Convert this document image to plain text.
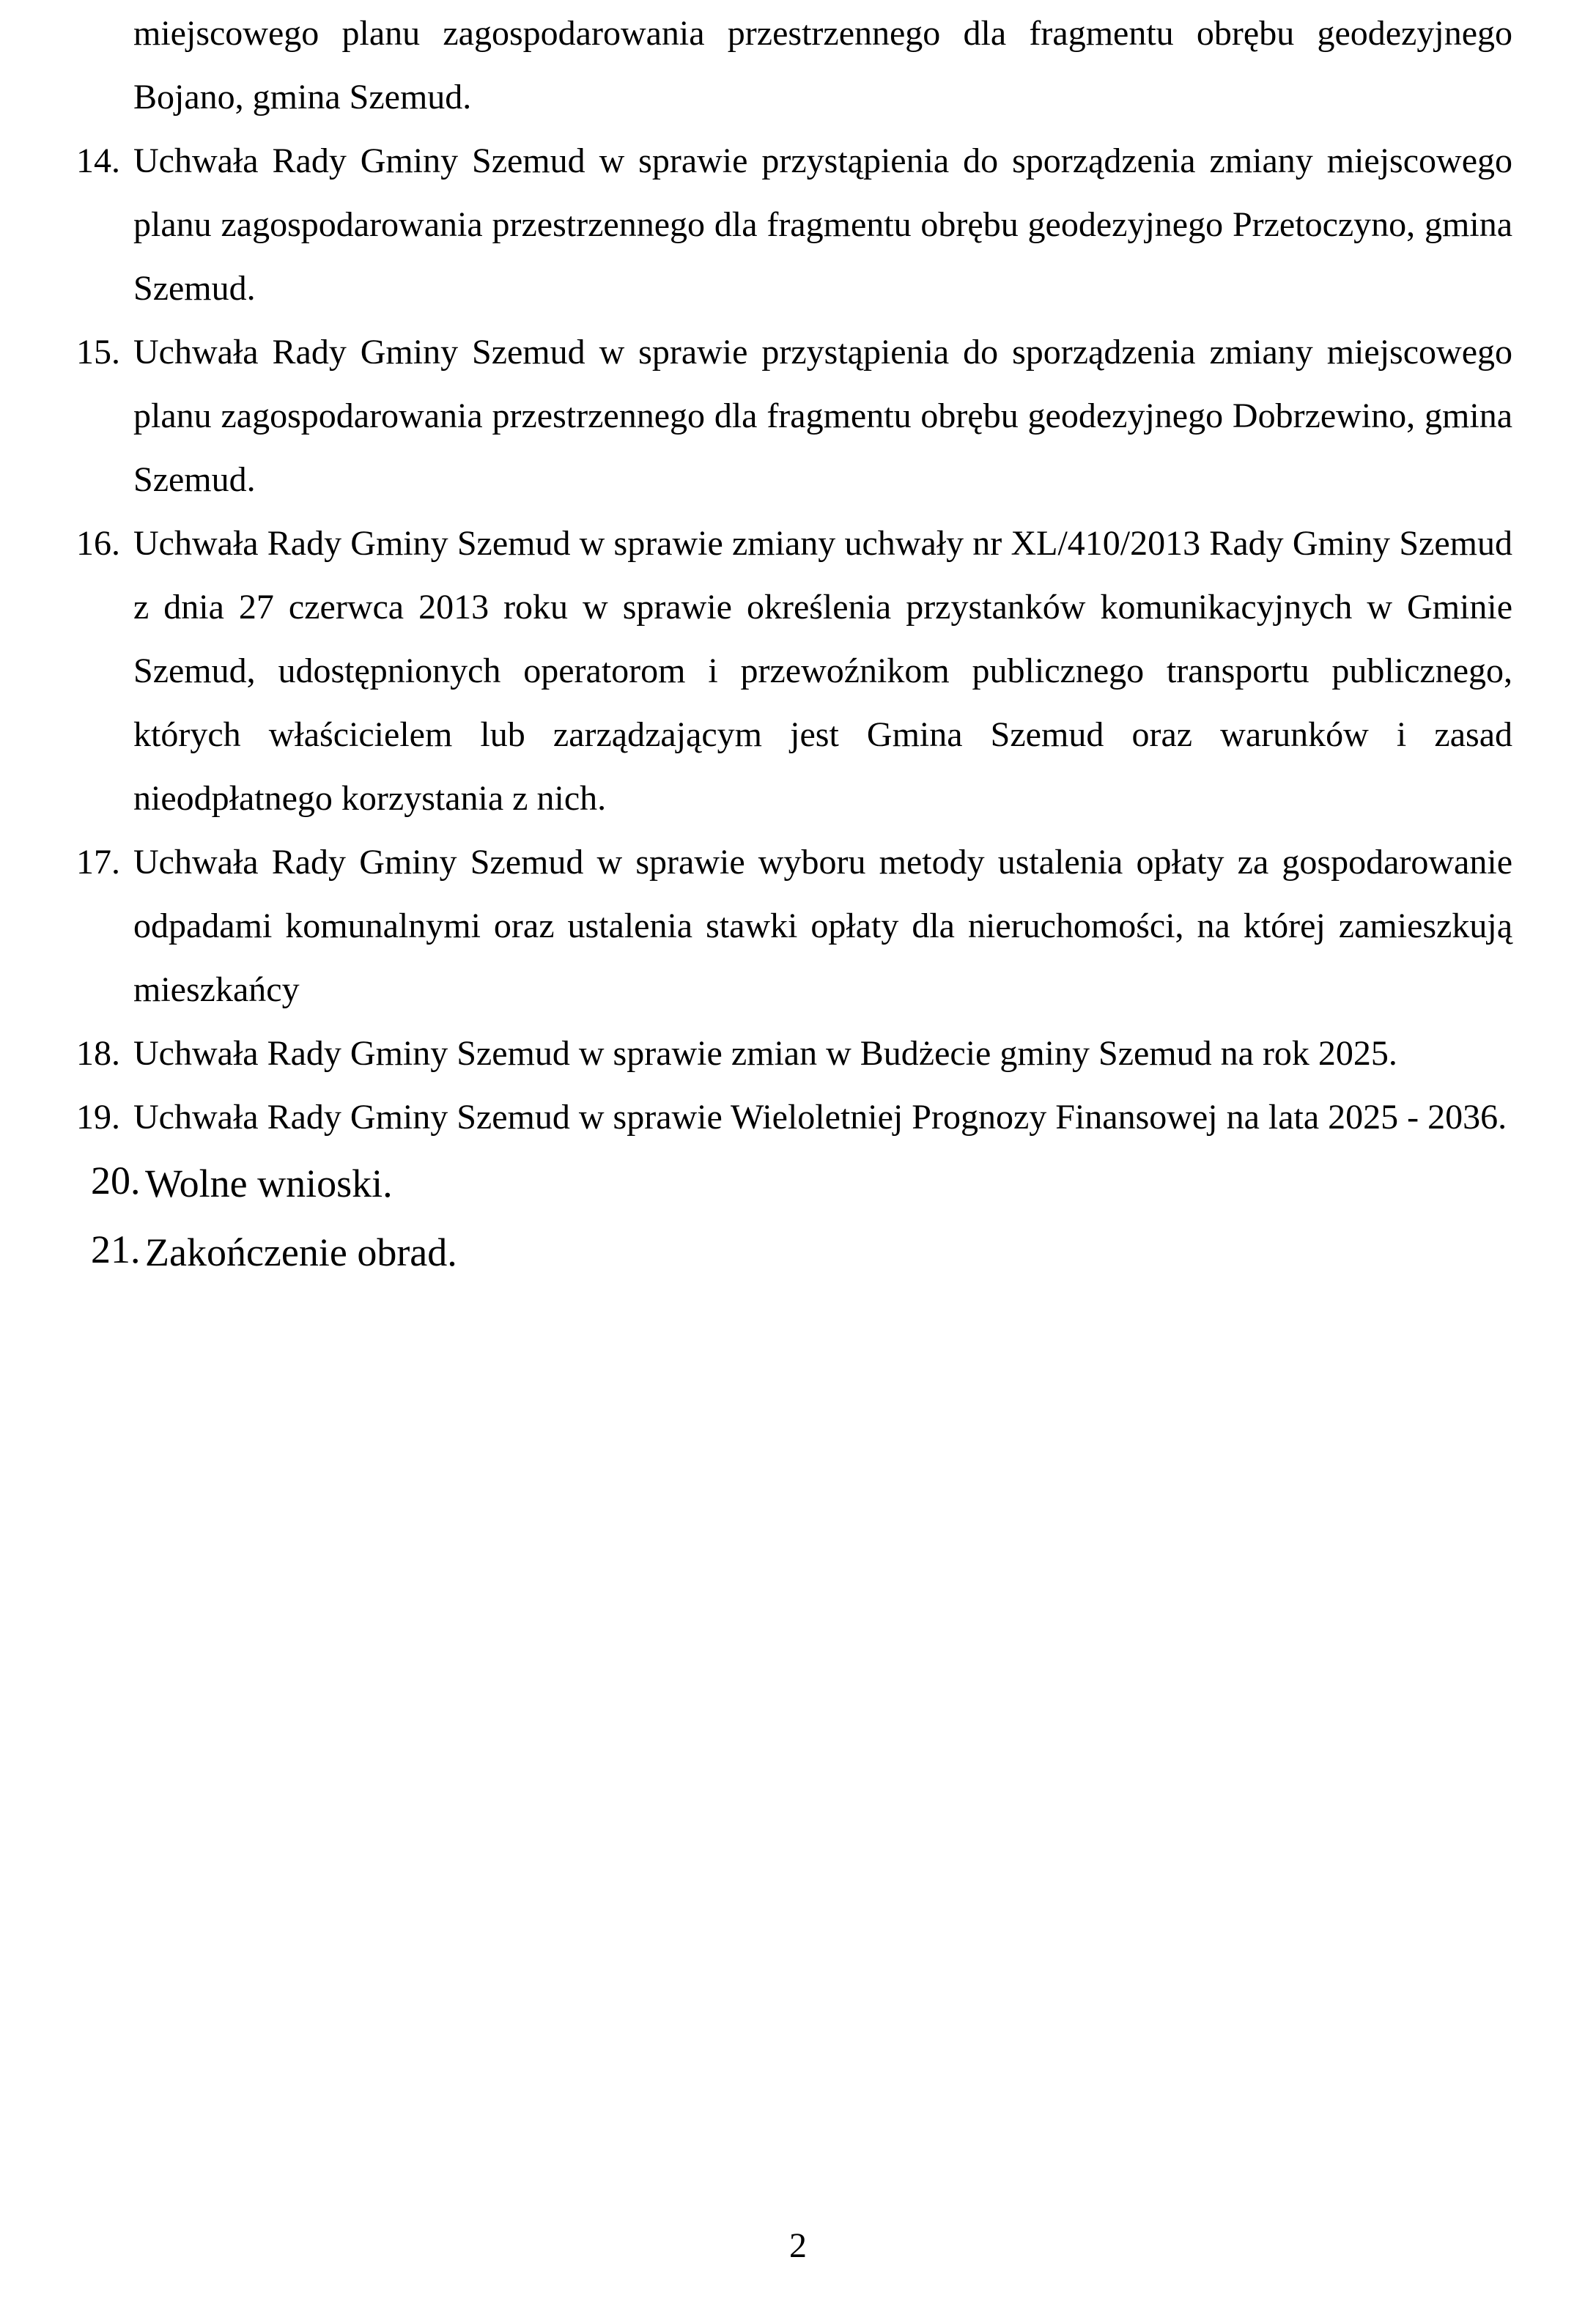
miejscowego planu zagospodarowania przestrzennego dla fragmentu obrębu geodezyjnego Bojano, gmina Szemud.
14. Uchwała Rady Gminy Szemud w sprawie przystąpienia do sporządzenia zmiany miejscowego planu zagospodarowania przestrzennego dla fragmentu obrębu geodezyjnego Przetoczyno, gmina Szemud.
15. Uchwała Rady Gminy Szemud w sprawie przystąpienia do sporządzenia zmiany miejscowego planu zagospodarowania przestrzennego dla fragmentu obrębu geodezyjnego Dobrzewino, gmina Szemud.
16. Uchwała Rady Gminy Szemud w sprawie zmiany uchwały nr XL/410/2013 Rady Gminy Szemud z dnia 27 czerwca 2013 roku w sprawie określenia przystanków komunikacyjnych w Gminie Szemud, udostępnionych operatorom i przewoźnikom publicznego transportu publicznego, których właścicielem lub zarządzającym jest Gmina Szemud oraz warunków i zasad nieodpłatnego korzystania z nich.
17. Uchwała Rady Gminy Szemud w sprawie wyboru metody ustalenia opłaty za gospodarowanie odpadami komunalnymi oraz ustalenia stawki opłaty dla nieruchomości, na której zamieszkują mieszkańcy
18. Uchwała Rady Gminy Szemud w sprawie zmian w Budżecie gminy Szemud na rok 2025.
19. Uchwała Rady Gminy Szemud w sprawie Wieloletniej Prognozy Finansowej na lata 2025 - 2036.
20. Wolne wnioski.
21. Zakończenie obrad.
2
